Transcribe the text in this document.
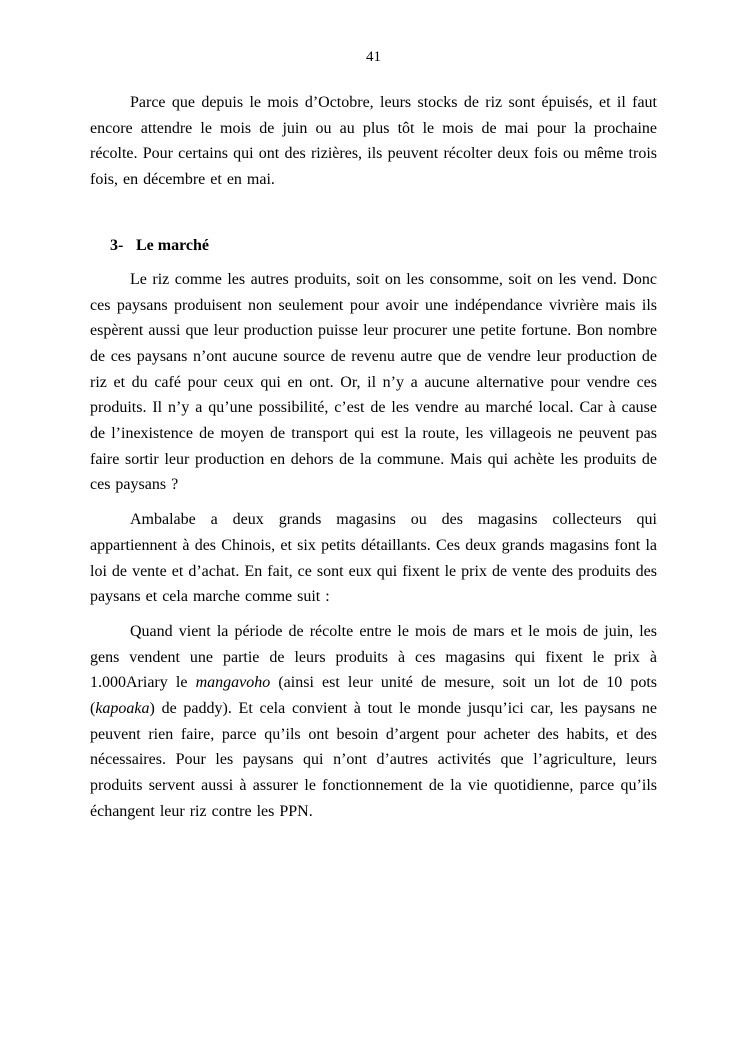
41

Parce que depuis le mois d’Octobre, leurs stocks de riz sont épuisés, et il faut encore attendre le mois de juin ou au plus tôt le mois de mai pour la prochaine récolte. Pour certains qui ont des rizières, ils peuvent récolter deux fois ou même trois fois, en décembre et en mai.

3- Le marché

Le riz comme les autres produits, soit on les consomme, soit on les vend. Donc ces paysans produisent non seulement pour avoir une indépendance vivrière mais ils espèrent aussi que leur production puisse leur procurer une petite fortune. Bon nombre de ces paysans n’ont aucune source de revenu autre que de vendre leur production de riz et du café pour ceux qui en ont. Or, il n’y a aucune alternative pour vendre ces produits. Il n’y a qu’une possibilité, c’est de les vendre au marché local. Car à cause de l’inexistence de moyen de transport qui est la route, les villageois ne peuvent pas faire sortir leur production en dehors de la commune. Mais qui achète les produits de ces paysans ?

Ambalabe a deux grands magasins ou des magasins collecteurs qui appartiennent à des Chinois, et six petits détaillants. Ces deux grands magasins font la loi de vente et d’achat. En fait, ce sont eux qui fixent le prix de vente des produits des paysans et cela marche comme suit :

Quand vient la période de récolte entre le mois de mars et le mois de juin, les gens vendent une partie de leurs produits à ces magasins qui fixent le prix à 1.000Ariary le mangavoho (ainsi est leur unité de mesure, soit un lot de 10 pots (kapoaka) de paddy). Et cela convient à tout le monde jusqu’ici car, les paysans ne peuvent rien faire, parce qu’ils ont besoin d’argent pour acheter des habits, et des nécessaires. Pour les paysans qui n’ont d’autres activités que l’agriculture, leurs produits servent aussi à assurer le fonctionnement de la vie quotidienne, parce qu’ils échangent leur riz contre les PPN.
